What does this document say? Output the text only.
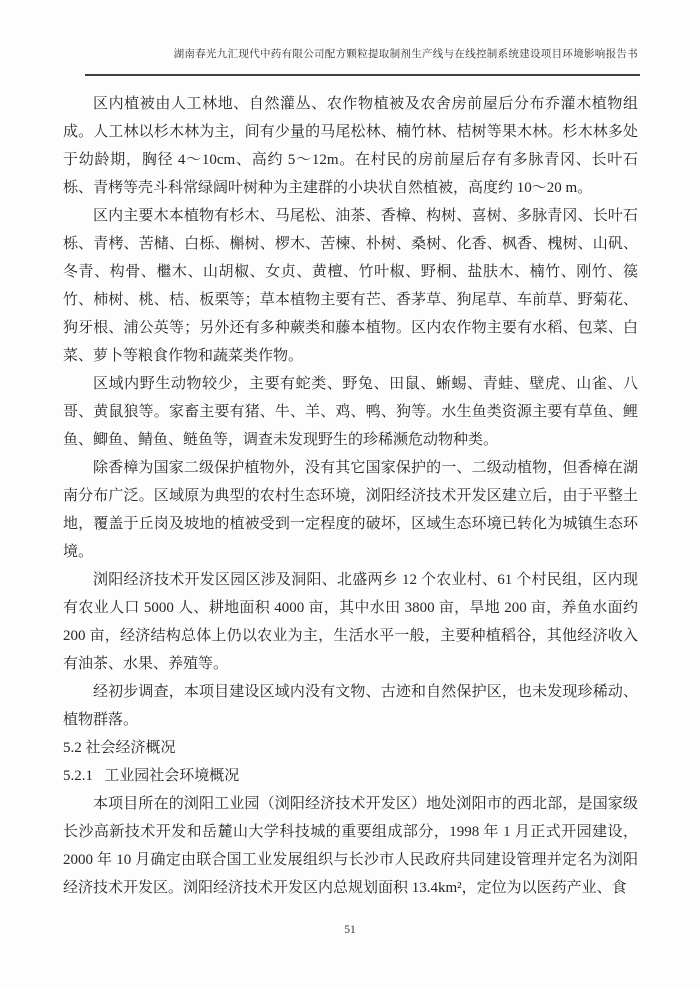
湖南春光九汇现代中药有限公司配方颗粒提取制剂生产线与在线控制系统建设项目环境影响报告书

区内植被由人工林地、自然灌丛、农作物植被及农舍房前屋后分布乔灌木植物组成。人工林以杉木林为主，间有少量的马尾松林、楠竹林、桔树等果木林。杉木林多处于幼龄期，胸径 4～10cm、高约 5～12m。在村民的房前屋后存有多脉青冈、长叶石栎、青栲等壳斗科常绿阔叶树种为主建群的小块状自然植被，高度约 10～20 m。

区内主要木本植物有杉木、马尾松、油茶、香樟、构树、喜树、多脉青冈、长叶石栎、青栲、苦槠、白栎、槲树、椤木、苦楝、朴树、桑树、化香、枫香、槐树、山矾、冬青、构骨、檵木、山胡椒、女贞、黄檀、竹叶椒、野桐、盐肤木、楠竹、刚竹、篌竹、柿树、桃、桔、板栗等；草本植物主要有芒、香茅草、狗尾草、车前草、野菊花、狗牙根、浦公英等；另外还有多种蕨类和藤本植物。区内农作物主要有水稻、包菜、白菜、萝卜等粮食作物和蔬菜类作物。

区域内野生动物较少，主要有蛇类、野兔、田鼠、蜥蜴、青蛙、壁虎、山雀、八哥、黄鼠狼等。家畜主要有猪、牛、羊、鸡、鸭、狗等。水生鱼类资源主要有草鱼、鲤鱼、鲫鱼、鲭鱼、鲢鱼等，调查未发现野生的珍稀濒危动物种类。

除香樟为国家二级保护植物外，没有其它国家保护的一、二级动植物，但香樟在湖南分布广泛。区域原为典型的农村生态环境，浏阳经济技术开发区建立后，由于平整土地，覆盖于丘岗及坡地的植被受到一定程度的破坏，区域生态环境已转化为城镇生态环境。

浏阳经济技术开发区园区涉及洞阳、北盛两乡 12 个农业村、61 个村民组，区内现有农业人口 5000 人、耕地面积 4000 亩，其中水田 3800 亩，旱地 200 亩，养鱼水面约 200 亩，经济结构总体上仍以农业为主，生活水平一般，主要种植稻谷，其他经济收入有油茶、水果、养殖等。

经初步调查，本项目建设区域内没有文物、古迹和自然保护区，也未发现珍稀动、植物群落。

5.2 社会经济概况
5.2.1   工业园社会环境概况

本项目所在的浏阳工业园（浏阳经济技术开发区）地处浏阳市的西北部，是国家级长沙高新技术开发和岳麓山大学科技城的重要组成部分，1998 年 1 月正式开园建设，2000 年 10 月确定由联合国工业发展组织与长沙市人民政府共同建设管理并定名为浏阳经济技术开发区。浏阳经济技术开发区内总规划面积 13.4km²，定位为以医药产业、食

51
